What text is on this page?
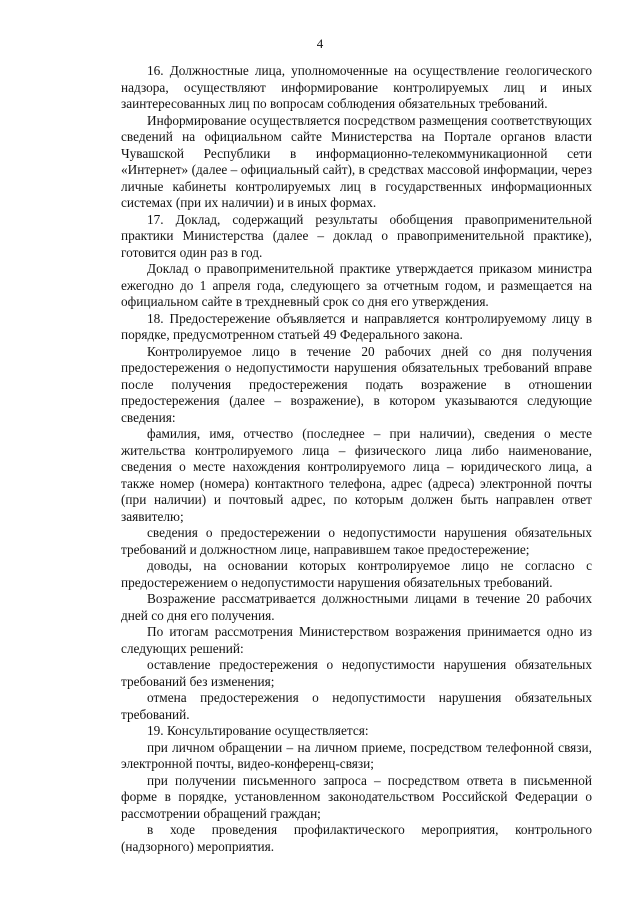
4

16. Должностные лица, уполномоченные на осуществление геологического надзора, осуществляют информирование контролируемых лиц и иных заинтересованных лиц по вопросам соблюдения обязательных требований.

Информирование осуществляется посредством размещения соответствующих сведений на официальном сайте Министерства на Портале органов власти Чувашской Республики в информационно-телекоммуникационной сети «Интернет» (далее – официальный сайт), в средствах массовой информации, через личные кабинеты контролируемых лиц в государственных информационных системах (при их наличии) и в иных формах.

17. Доклад, содержащий результаты обобщения правоприменительной практики Министерства (далее – доклад о правоприменительной практике), готовится один раз в год.

Доклад о правоприменительной практике утверждается приказом министра ежегодно до 1 апреля года, следующего за отчетным годом, и размещается на официальном сайте в трехдневный срок со дня его утверждения.

18. Предостережение объявляется и направляется контролируемому лицу в порядке, предусмотренном статьей 49 Федерального закона.

Контролируемое лицо в течение 20 рабочих дней со дня получения предостережения о недопустимости нарушения обязательных требований вправе после получения предостережения подать возражение в отношении предостережения (далее – возражение), в котором указываются следующие сведения:

фамилия, имя, отчество (последнее – при наличии), сведения о месте жительства контролируемого лица – физического лица либо наименование, сведения о месте нахождения контролируемого лица – юридического лица, а также номер (номера) контактного телефона, адрес (адреса) электронной почты (при наличии) и почтовый адрес, по которым должен быть направлен ответ заявителю;

сведения о предостережении о недопустимости нарушения обязательных требований и должностном лице, направившем такое предостережение;

доводы, на основании которых контролируемое лицо не согласно с предостережением о недопустимости нарушения обязательных требований.

Возражение рассматривается должностными лицами в течение 20 рабочих дней со дня его получения.

По итогам рассмотрения Министерством возражения принимается одно из следующих решений:

оставление предостережения о недопустимости нарушения обязательных требований без изменения;

отмена предостережения о недопустимости нарушения обязательных требований.

19. Консультирование осуществляется:

при личном обращении – на личном приеме, посредством телефонной связи, электронной почты, видео-конференц-связи;

при получении письменного запроса – посредством ответа в письменной форме в порядке, установленном законодательством Российской Федерации о рассмотрении обращений граждан;

в ходе проведения профилактического мероприятия, контрольного (надзорного) мероприятия.
